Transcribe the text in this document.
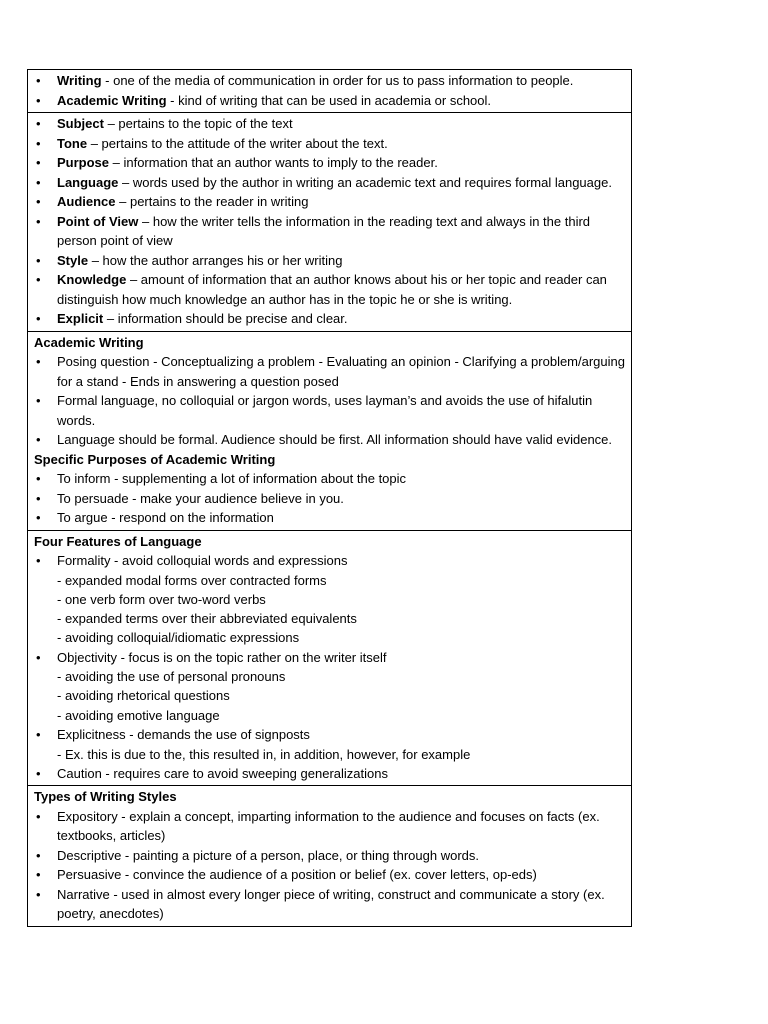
• Writing - one of the media of communication in order for us to pass information to people.
• Academic Writing - kind of writing that can be used in academia or school.
• Subject – pertains to the topic of the text
• Tone – pertains to the attitude of the writer about the text.
• Purpose – information that an author wants to imply to the reader.
• Language – words used by the author in writing an academic text and requires formal language.
• Audience – pertains to the reader in writing
• Point of View – how the writer tells the information in the reading text and always in the third person point of view
• Style – how the author arranges his or her writing
• Knowledge – amount of information that an author knows about his or her topic and reader can distinguish how much knowledge an author has in the topic he or she is writing.
• Explicit – information should be precise and clear.
Academic Writing
• Posing question - Conceptualizing a problem - Evaluating an opinion - Clarifying a problem/arguing for a stand - Ends in answering a question posed
• Formal language, no colloquial or jargon words, uses layman’s and avoids the use of hifalutin words.
• Language should be formal. Audience should be first. All information should have valid evidence.
Specific Purposes of Academic Writing
• To inform - supplementing a lot of information about the topic
• To persuade - make your audience believe in you.
• To argue - respond on the information
Four Features of Language
• Formality - avoid colloquial words and expressions
- expanded modal forms over contracted forms
- one verb form over two-word verbs
- expanded terms over their abbreviated equivalents
- avoiding colloquial/idiomatic expressions
• Objectivity - focus is on the topic rather on the writer itself
- avoiding the use of personal pronouns
- avoiding rhetorical questions
- avoiding emotive language
• Explicitness - demands the use of signposts
- Ex. this is due to the, this resulted in, in addition, however, for example
• Caution - requires care to avoid sweeping generalizations
Types of Writing Styles
• Expository - explain a concept, imparting information to the audience and focuses on facts (ex. textbooks, articles)
• Descriptive - painting a picture of a person, place, or thing through words.
• Persuasive - convince the audience of a position or belief (ex. cover letters, op-eds)
• Narrative - used in almost every longer piece of writing, construct and communicate a story (ex. poetry, anecdotes)
